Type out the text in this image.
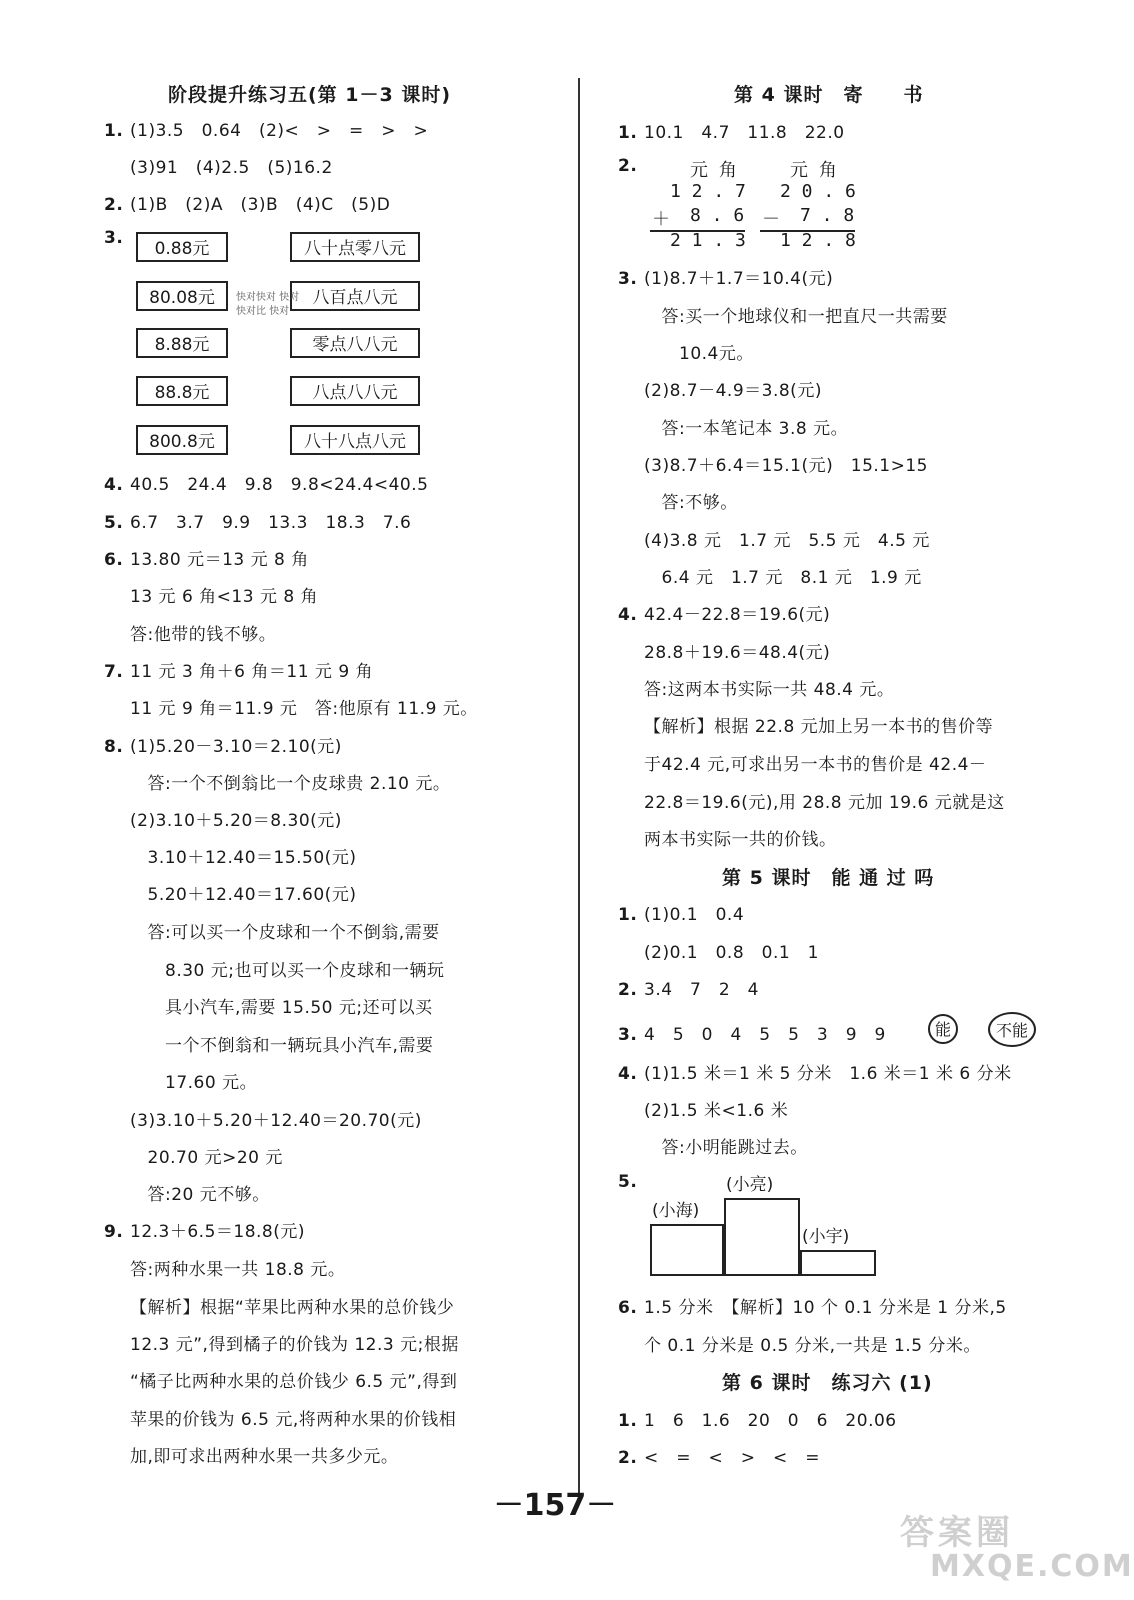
阶段提升练习五(第 1－3 课时)
1. (1)3.5　0.64　(2)<　>　=　>　>
(3)91　(4)2.5　(5)16.2
2. (1)B　(2)A　(3)B　(4)C　(5)D
3.
4. 40.5　24.4　9.8　9.8<24.4<40.5
5. 6.7　3.7　9.9　13.3　18.3　7.6
6. 13.80 元＝13 元 8 角
13 元 6 角<13 元 8 角
答:他带的钱不够。
7. 11 元 3 角＋6 角＝11 元 9 角
11 元 9 角＝11.9 元　答:他原有 11.9 元。
8. (1)5.20－3.10＝2.10(元)
　答:一个不倒翁比一个皮球贵 2.10 元。
(2)3.10＋5.20＝8.30(元)
　3.10＋12.40＝15.50(元)
　5.20＋12.40＝17.60(元)
　答:可以买一个皮球和一个不倒翁,需要
　　8.30 元;也可以买一个皮球和一辆玩
　　具小汽车,需要 15.50 元;还可以买
　　一个不倒翁和一辆玩具小汽车,需要
　　17.60 元。
(3)3.10＋5.20＋12.40＝20.70(元)
　20.70 元>20 元
　答:20 元不够。
9. 12.3＋6.5＝18.8(元)
答:两种水果一共 18.8 元。
【解析】根据“苹果比两种水果的总价钱少
12.3 元”,得到橘子的价钱为 12.3 元;根据
“橘子比两种水果的总价钱少 6.5 元”,得到
苹果的价钱为 6.5 元,将两种水果的价钱相
加,即可求出两种水果一共多少元。
0.88元
80.08元
8.88元
88.8元
800.8元
八十点零八元
八百点八元
零点八八元
八点八八元
八十八点八元
快对快对 快对
快对比 快对
第 4 课时　寄　　书
第 5 课时　能 通 过 吗
第 6 课时　练习六 (1)
1. 10.1　4.7　11.8　22.0
2.
3. (1)8.7＋1.7＝10.4(元)
　答:买一个地球仪和一把直尺一共需要
　　10.4元。
(2)8.7－4.9＝3.8(元)
　答:一本笔记本 3.8 元。
(3)8.7＋6.4＝15.1(元)　15.1>15
　答:不够。
(4)3.8 元　1.7 元　5.5 元　4.5 元
　6.4 元　1.7 元　8.1 元　1.9 元
4. 42.4－22.8＝19.6(元)
28.8＋19.6＝48.4(元)
答:这两本书实际一共 48.4 元。
【解析】根据 22.8 元加上另一本书的售价等
于42.4 元,可求出另一本书的售价是 42.4－
22.8＝19.6(元),用 28.8 元加 19.6 元就是这
两本书实际一共的价钱。
1. (1)0.1　0.4
(2)0.1　0.8　0.1　1
2. 3.4　7　2　4
3. 4　5　0　4　5　5　3　9　9
4. (1)1.5 米＝1 米 5 分米　1.6 米＝1 米 6 分米
(2)1.5 米<1.6 米
　答:小明能跳过去。
5.
6. 1.5 分米　【解析】10 个 0.1 分米是 1 分米,5
个 0.1 分米是 0.5 分米,一共是 1.5 分米。
1. 1　6　1.6　20　0　6　20.06
2. <　=　<　>　<　=
元 角
1 2 . 7
＋ 8 . 6
2 1 . 3
元 角
2 0 . 6
－ 7 . 8
1 2 . 8
能	不能
(小海)
(小亮)
(小宇)
－157－
答案圈
MXQE.COM
